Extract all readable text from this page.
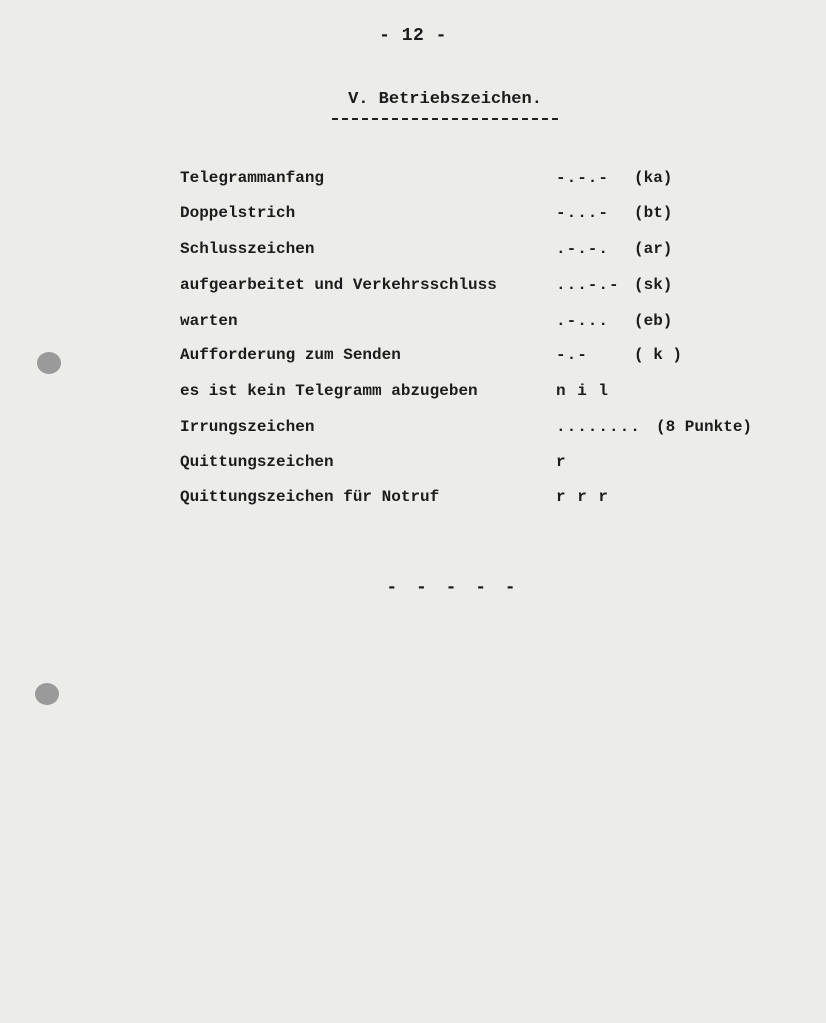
- 12 -
V. Betriebszeichen.
Telegrammanfang	-.-.- (ka)
Doppelstrich	-...- (bt)
Schlusszeichen	.-.-. (ar)
aufgearbeitet und Verkehrsschluss	...-.- (sk)
warten	.-... (eb)
Aufforderung zum Senden	-.-	( k )
es ist kein Telegramm abzugeben	n i l
Irrungszeichen	........ (8 Punkte)
Quittungszeichen	r
Quittungszeichen für Notruf	r r r
- - - - -
